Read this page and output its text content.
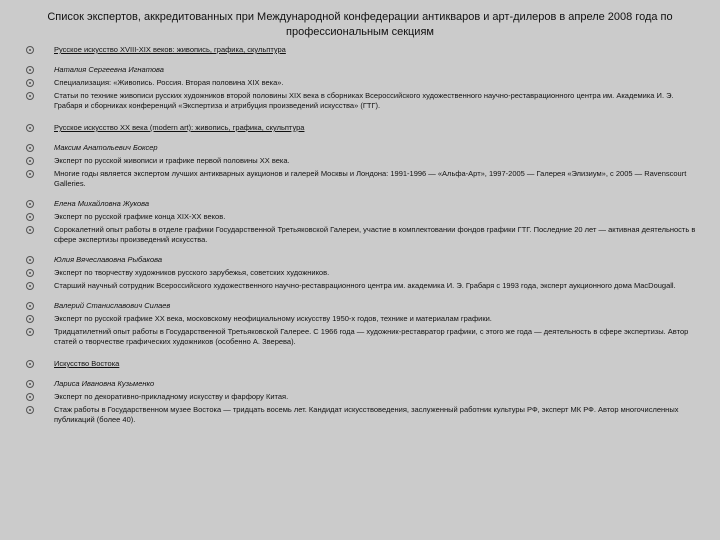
Список экспертов, аккредитованных при Международной конфедерации антикваров и арт-дилеров в апреле 2008 года по профессиональным секциям

Русское искусство XVIII-XIX веков: живопись, графика, скульптура

Наталия Сергеевна Игнатова

Специализация: «Живопись. Россия. Вторая половина XIX века».

Статьи по технике живописи русских художников второй половины XIX века в сборниках Всероссийского художественного научно-реставрационного центра им. Академика И. Э. Грабаря и сборниках конференций «Экспертиза и атрибуция произведений искусства» (ГТГ).

Русское искусство XX века (modern art): живопись, графика, скульптура

Максим Анатольевич Боксер

Эксперт по русской живописи и графике первой половины XX века.

Многие годы является экспертом лучших антикварных аукционов и галерей Москвы и Лондона: 1991-1996 — «Альфа-Арт», 1997-2005 — Галерея «Элизиум», с 2005 — Ravenscourt Galleries.

Елена Михайловна Жукова

Эксперт по русской графике конца XIX-XX веков.

Сорокалетний опыт работы в отделе графики Государственной Третьяковской Галереи, участие в комплектовании фондов графики ГТГ. Последние 20 лет — активная деятельность в сфере экспертизы произведений искусства.

Юлия Вячеславовна Рыбакова

Эксперт по творчеству художников русского зарубежья, советских художников.

Старший научный сотрудник Всероссийского художественного научно-реставрационного центра им. академика И. Э. Грабаря с 1993 года, эксперт аукционного дома MacDougall.

Валерий Станиславович Силаев

Эксперт по русской графике XX века, московскому неофициальному искусству 1950-х годов, технике и материалам графики.

Тридцатилетний опыт работы в Государственной Третьяковской Галерее. С 1966 года — художник-реставратор графики, с этого же года — деятельность в сфере экспертизы. Автор статей о творчестве графических художников (особенно А. Зверева).

Искусство Востока

Лариса Ивановна Кузьменко

Эксперт по декоративно-прикладному искусству и фарфору Китая.

Стаж работы в Государственном музее Востока — тридцать восемь лет. Кандидат искусствоведения, заслуженный работник культуры РФ, эксперт МК РФ. Автор многочисленных публикаций (более 40).
